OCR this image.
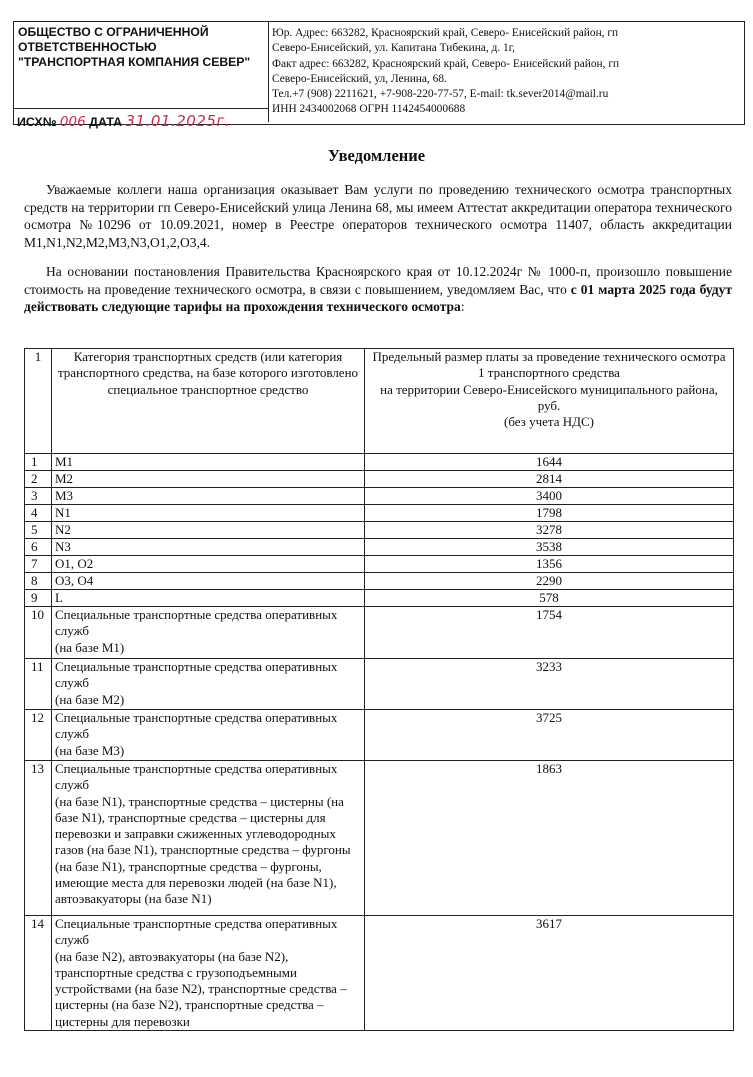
ОБЩЕСТВО С ОГРАНИЧЕННОЙ ОТВЕТСТВЕННОСТЬЮ "ТРАНСПОРТНАЯ КОМПАНИЯ СЕВЕР"
ИСХ№ 006 ДАТА 31.01.2025г.
Юр. Адрес: 663282, Красноярский край, Северо- Енисейский район, гп
Северо-Енисейский, ул. Капитана Тибекина, д. 1г,
Факт адрес: 663282, Красноярский край, Северо- Енисейский район, гп
Северо-Енисейский, ул, Ленина, 68.
Тел.+7 (908) 2211621, +7-908-220-77-57, E-mail: tk.sever2014@mail.ru
ИНН 2434002068 ОГРН 1142454000688
Уведомление
Уважаемые коллеги наша организация оказывает Вам услуги по проведению технического осмотра транспортных средств на территории гп Северо-Енисейский улица Ленина 68, мы имеем Аттестат аккредитации оператора технического осмотра №10296 от 10.09.2021, номер в Реестре операторов технического осмотра 11407, область аккредитации М1,N1,N2,M2,M3,N3,O1,2,O3,4.
На основании постановления Правительства Красноярского края от 10.12.2024г № 1000-п, произошло повышение стоимость на проведение технического осмотра, в связи с повышением, уведомляем Вас, что с 01 марта 2025 года будут действовать следующие тарифы на прохождения технического осмотра:
1	Категория транспортных средств (или категория транспортного средства, на базе которого изготовлено специальное транспортное средство	Предельный размер платы за проведение технического осмотра
1 транспортного средства
на территории Северо-Енисейского муниципального района, руб.
(без учета НДС)

1	M1	1644
2	M2	2814
3	M3	3400
4	N1	1798
5	N2	3278
6	N3	3538
7	O1, O2	1356
8	O3, O4	2290
9	L	578
10	Специальные транспортные средства оперативных служб
(на базе M1)	1754
11	Специальные транспортные средства оперативных служб
(на базе M2)	3233
12	Специальные транспортные средства оперативных служб
(на базе M3)	3725
13	Специальные транспортные средства оперативных служб
(на базе N1), транспортные средства – цистерны (на базе N1), транспортные средства – цистерны для перевозки и заправки сжиженных углеводородных газов (на базе N1), транспортные средства – фургоны (на базе N1), транспортные средства – фургоны, имеющие места для перевозки людей (на базе N1), автоэвакуаторы (на базе N1)	1863
14	Специальные транспортные средства оперативных служб
(на базе N2), автоэвакуаторы (на базе N2), транспортные средства с грузоподъемными устройствами (на базе N2), транспортные средства – цистерны (на базе N2), транспортные средства – цистерны для перевозки	3617
